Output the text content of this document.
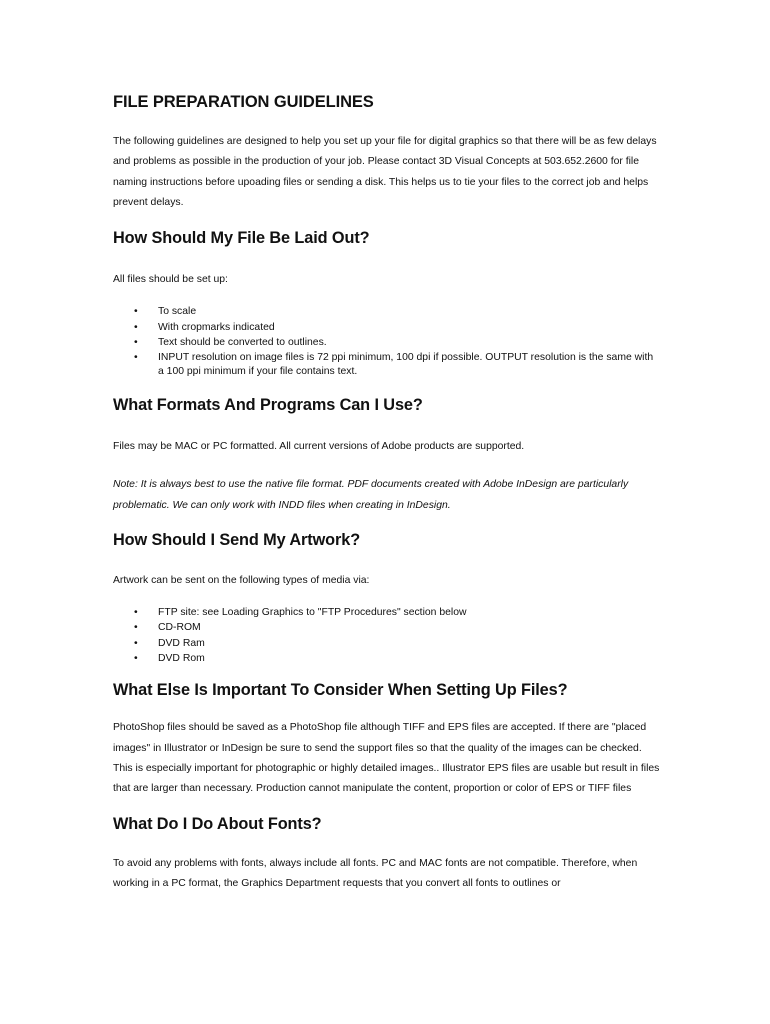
FILE PREPARATION GUIDELINES

The following guidelines are designed to help you set up your file for digital graphics so that there will be as few delays and problems as possible in the production of your job. Please contact 3D Visual Concepts at 503.652.2600 for file naming instructions before upoading files or sending a disk. This helps us to tie your files to the correct job and helps prevent delays.

How Should My File Be Laid Out?

All files should be set up:

• To scale
• With cropmarks indicated
• Text should be converted to outlines.
• INPUT resolution on image files is 72 ppi minimum, 100 dpi if possible. OUTPUT resolution is the same with a 100 ppi minimum if your file contains text.
What Formats And Programs Can I Use?

Files may be MAC or PC formatted. All current versions of Adobe products are supported.

Note: It is always best to use the native file format. PDF documents created with Adobe InDesign are particularly problematic. We can only work with INDD files when creating in InDesign.

How Should I Send My Artwork?

Artwork can be sent on the following types of media via:

• FTP site: see Loading Graphics to "FTP Procedures" section below
• CD-ROM
• DVD Ram
• DVD Rom
What Else Is Important To Consider When Setting Up Files?

PhotoShop files should be saved as a PhotoShop file although TIFF and EPS files are accepted. If there are "placed images" in Illustrator or InDesign be sure to send the support files so that the quality of the images can be checked. This is especially important for photographic or highly detailed images.. Illustrator EPS files are usable but result in files that are larger than necessary. Production cannot manipulate the content, proportion or color of EPS or TIFF files

What Do I Do About Fonts?

To avoid any problems with fonts, always include all fonts. PC and MAC fonts are not compatible. Therefore, when working in a PC format, the Graphics Department requests that you convert all fonts to outlines or
